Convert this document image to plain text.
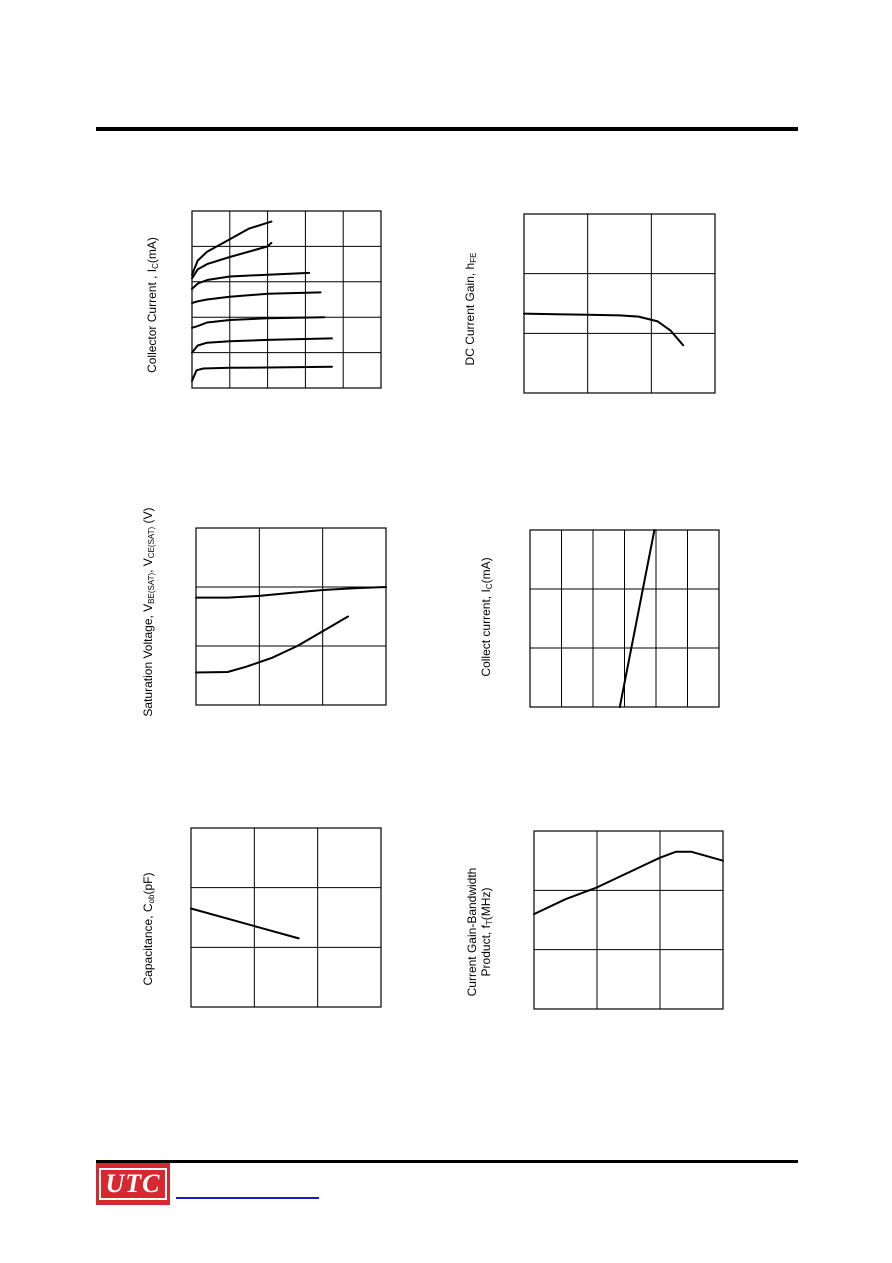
Collector Current , $I_C(mA)$
DC Current Gain, $h_{FE}$
Saturation Voltage, $V_{BE(SAT)}$, $V_{CE(SAT)}$ (V)
Collect current, $I_C(mA)$
Capacitance, $C_{ob}(pF)$	Current Gain-Bandwidth Product, $f_T(MHz)$
UTC
